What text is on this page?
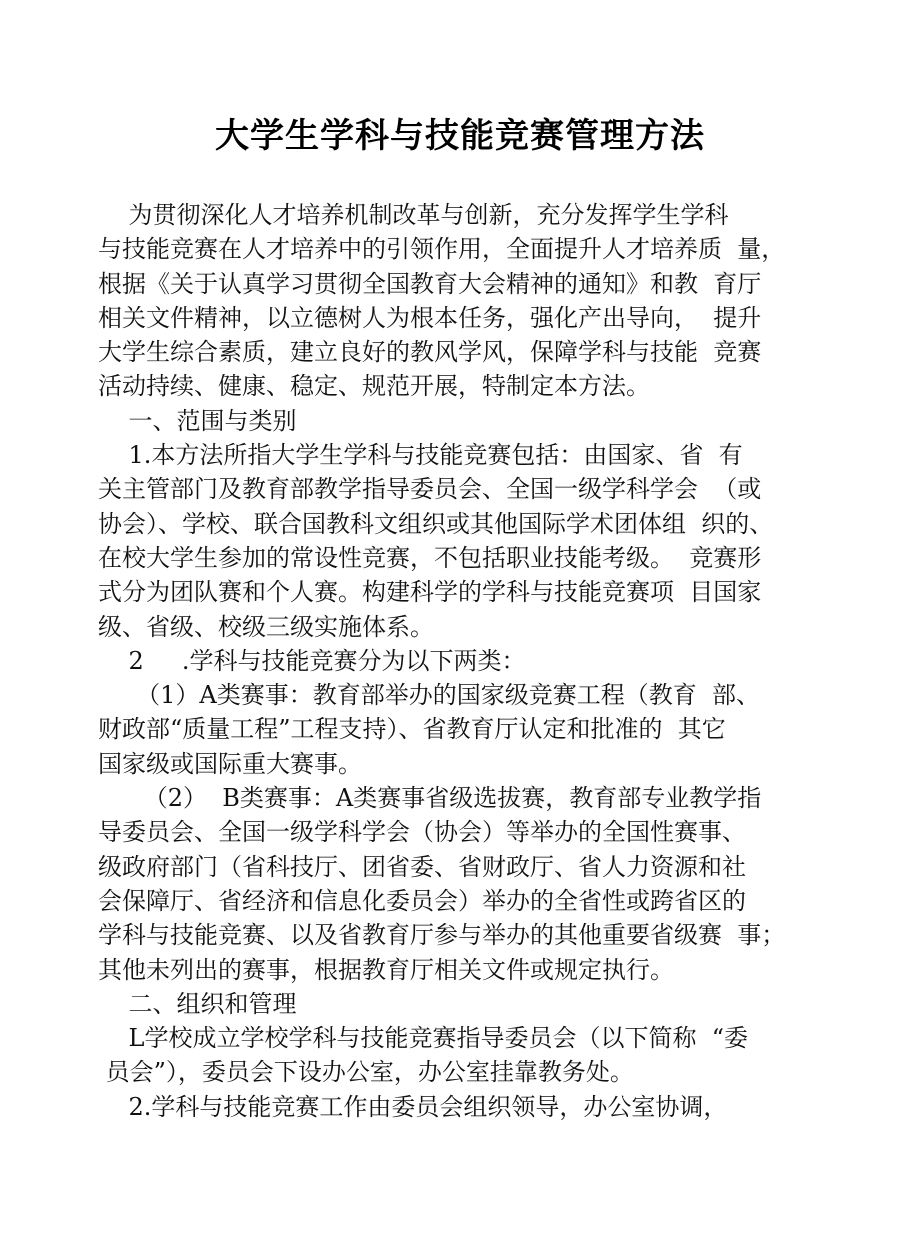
大学生学科与技能竞赛管理方法
为贯彻深化人才培养机制改革与创新，充分发挥学生学科
与技能竞赛在人才培养中的引领作用，全面提升人才培养质  量，
根据《关于认真学习贯彻全国教育大会精神的通知》和教  育厅
相关文件精神，以立德树人为根本任务，强化产出导向，  提升
大学生综合素质，建立良好的教风学风，保障学科与技能  竞赛
活动持续、健康、稳定、规范开展，特制定本方法。
一、范围与类别
1.本方法所指大学生学科与技能竞赛包括：由国家、省  有
关主管部门及教育部教学指导委员会、全国一级学科学会  （或
协会）、学校、联合国教科文组织或其他国际学术团体组  织的、
在校大学生参加的常设性竞赛，不包括职业技能考级。  竞赛形
式分为团队赛和个人赛。构建科学的学科与技能竞赛项  目国家
级、省级、校级三级实施体系。
2     .学科与技能竞赛分为以下两类：
（1）A类赛事：教育部举办的国家级竞赛工程（教育  部、
财政部“质量工程”工程支持）、省教育厅认定和批准的  其它
国家级或国际重大赛事。
（2）  B类赛事：A类赛事省级选拔赛，教育部专业教学指
导委员会、全国一级学科学会（协会）等举办的全国性赛事、
级政府部门（省科技厅、团省委、省财政厅、省人力资源和社
会保障厅、省经济和信息化委员会）举办的全省性或跨省区的
学科与技能竞赛、以及省教育厅参与举办的其他重要省级赛  事；
其他未列出的赛事，根据教育厅相关文件或规定执行。
二、组织和管理
L学校成立学校学科与技能竞赛指导委员会（以下简称  “委
员会”），委员会下设办公室，办公室挂靠教务处。
2.学科与技能竞赛工作由委员会组织领导，办公室协调，
